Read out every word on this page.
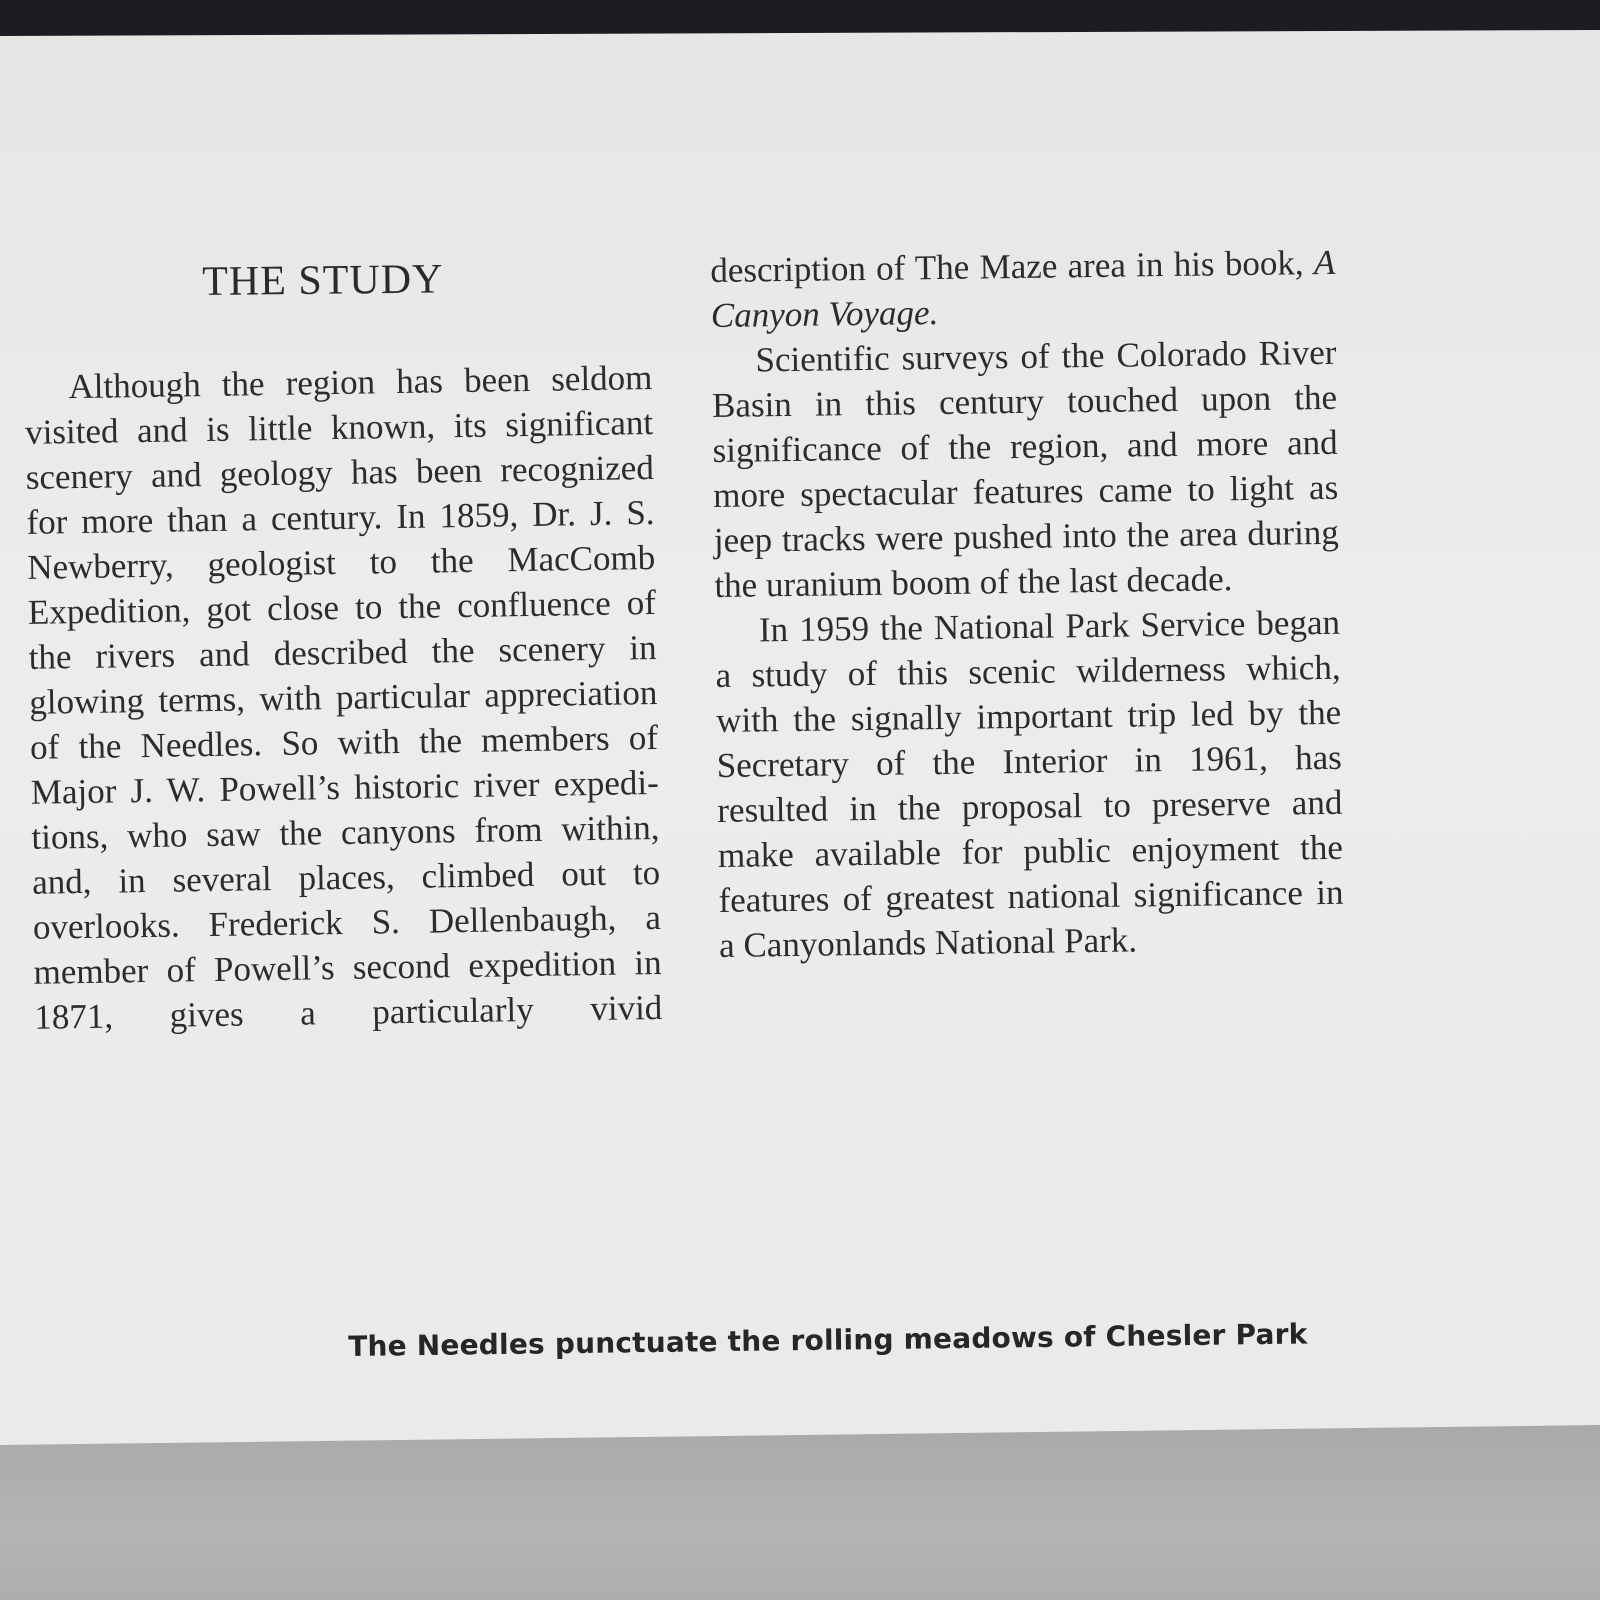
THE STUDY

Although the region has been seldom visited and is little known, its significant scenery and geology has been recognized for more than a century. In 1859, Dr. J. S. Newberry, geologist to the MacComb Expedition, got close to the confluence of the rivers and described the scenery in glowing terms, with particular appreciation of the Needles. So with the members of Major J. W. Powell’s historic river expeditions, who saw the canyons from within, and, in several places, climbed out to overlooks. Frederick S. Dellenbaugh, a member of Powell’s second expedition in 1871, gives a particularly vivid

description of The Maze area in his book, A Canyon Voyage.

Scientific surveys of the Colorado River Basin in this century touched upon the significance of the region, and more and more spectacular features came to light as jeep tracks were pushed into the area during the uranium boom of the last decade.

In 1959 the National Park Service began a study of this scenic wilderness which, with the signally important trip led by the Secretary of the Interior in 1961, has resulted in the proposal to preserve and make available for public enjoyment the features of greatest national significance in a Canyonlands National Park.

The Needles punctuate the rolling meadows of Chesler Park
